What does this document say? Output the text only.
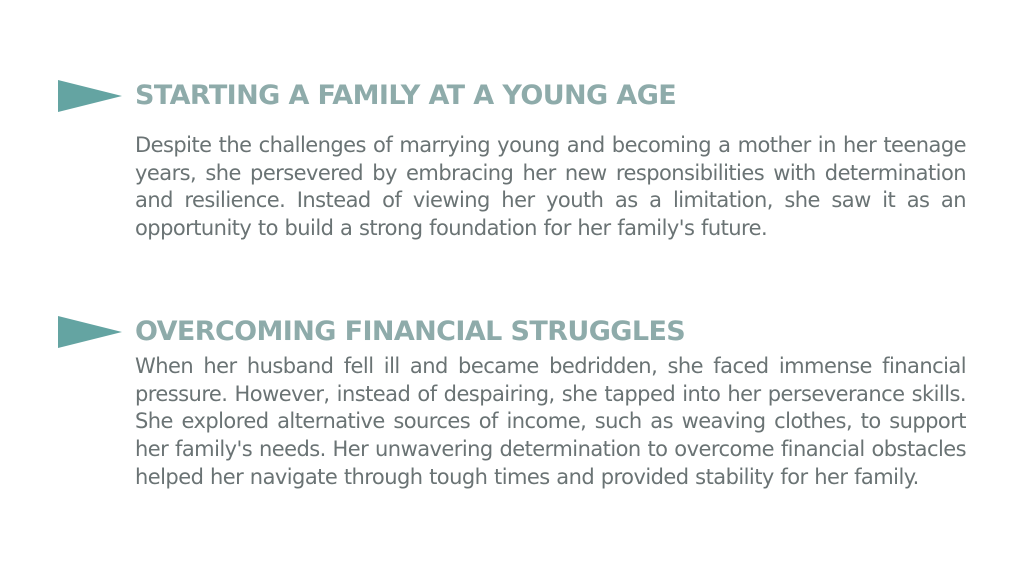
STARTING A FAMILY AT A YOUNG AGE

Despite the challenges of marrying young and becoming a mother in her teenage years, she persevered by embracing her new responsibilities with determination and resilience. Instead of viewing her youth as a limitation, she saw it as an opportunity to build a strong foundation for her family's future.

OVERCOMING FINANCIAL STRUGGLES

When her husband fell ill and became bedridden, she faced immense financial pressure. However, instead of despairing, she tapped into her perseverance skills. She explored alternative sources of income, such as weaving clothes, to support her family's needs. Her unwavering determination to overcome financial obstacles helped her navigate through tough times and provided stability for her family.
